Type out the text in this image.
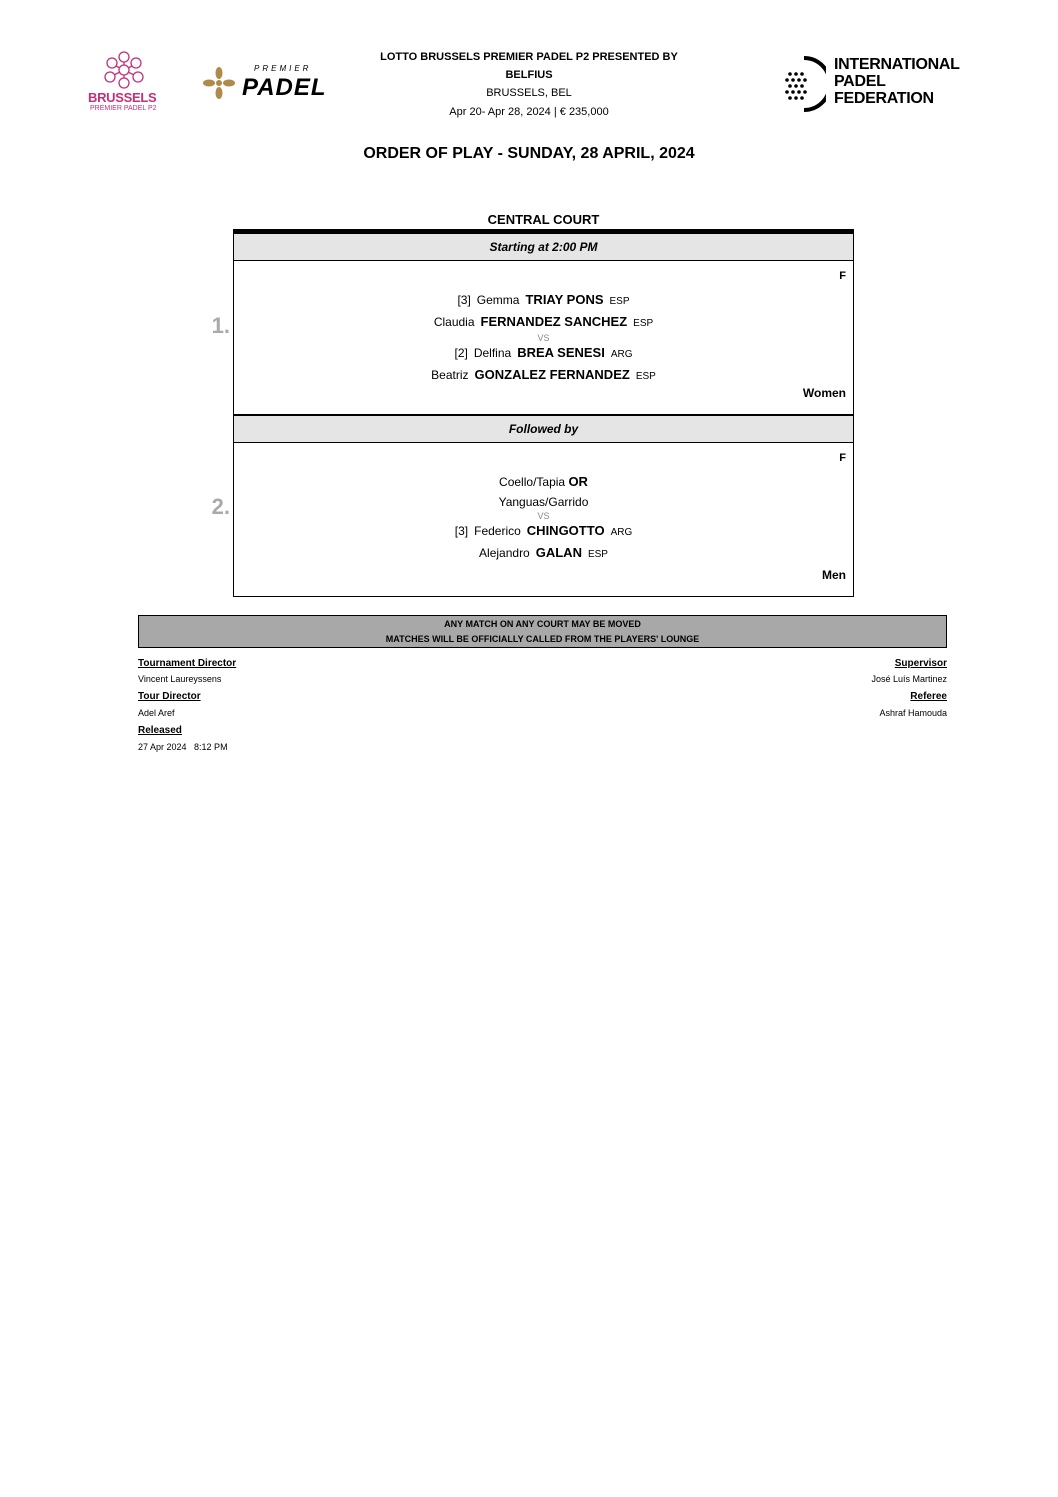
BRUSSELS
PREMIER PADEL P2
PREMIER
PADEL
INTERNATIONAL
PADEL
FEDERATION
LOTTO BRUSSELS PREMIER PADEL P2 PRESENTED BY
BELFIUS
BRUSSELS, BEL
Apr 20- Apr 28, 2024 | € 235,000
ORDER OF PLAY - SUNDAY, 28 APRIL, 2024
CENTRAL COURT
Starting at 2:00 PM
1.
F
[3] Gemma TRIAY PONS ESP
Claudia FERNANDEZ SANCHEZ ESP
VS
[2] Delfina BREA SENESI ARG
Beatriz GONZALEZ FERNANDEZ ESP
Women
Followed by
2.
F
Coello/Tapia OR
Yanguas/Garrido
VS
[3] Federico CHINGOTTO ARG
Alejandro GALAN ESP
Men
ANY MATCH ON ANY COURT MAY BE MOVED
MATCHES WILL BE OFFICIALLY CALLED FROM THE PLAYERS' LOUNGE
Tournament Director
Vincent Laureyssens
Tour Director
Adel Aref
Released
27 Apr 2024   8:12 PM
Supervisor
José Luís Martinez
Referee
Ashraf Hamouda
